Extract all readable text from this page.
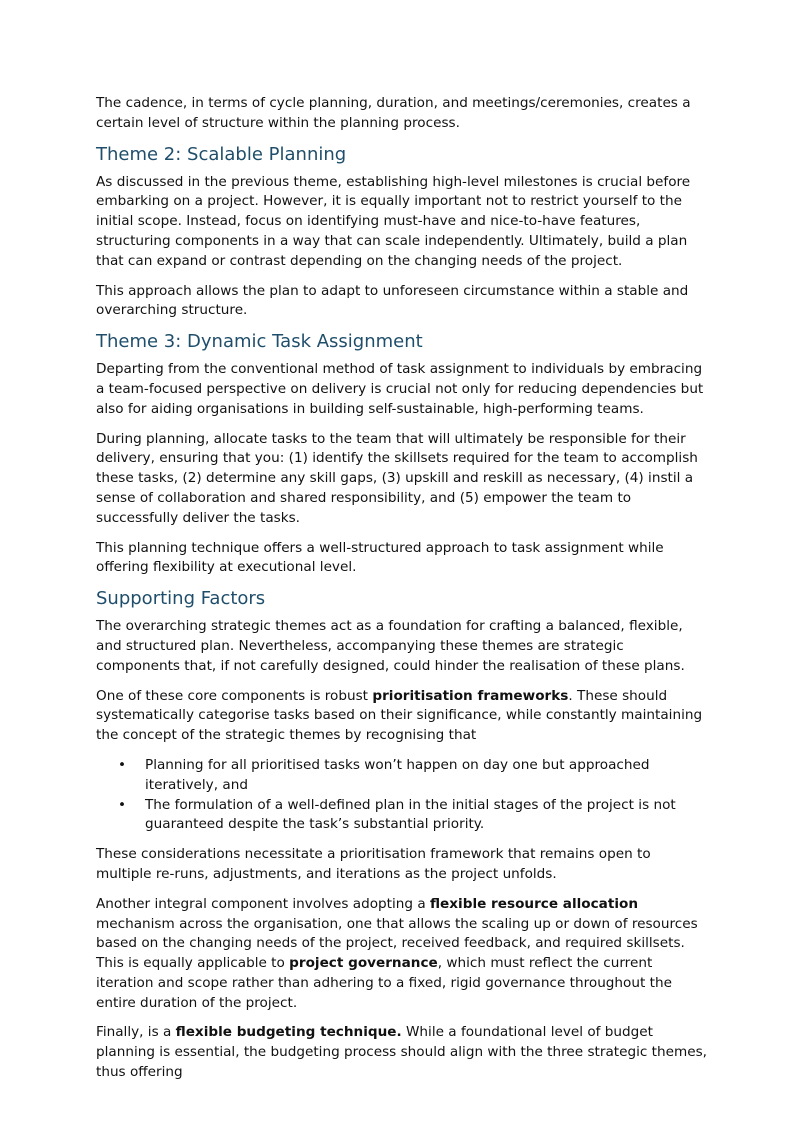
The cadence, in terms of cycle planning, duration, and meetings/ceremonies, creates a certain level of structure within the planning process.

Theme 2: Scalable Planning

As discussed in the previous theme, establishing high-level milestones is crucial before embarking on a project. However, it is equally important not to restrict yourself to the initial scope. Instead, focus on identifying must-have and nice-to-have features, structuring components in a way that can scale independently. Ultimately, build a plan that can expand or contrast depending on the changing needs of the project.

This approach allows the plan to adapt to unforeseen circumstance within a stable and overarching structure.

Theme 3: Dynamic Task Assignment

Departing from the conventional method of task assignment to individuals by embracing a team-focused perspective on delivery is crucial not only for reducing dependencies but also for aiding organisations in building self-sustainable, high-performing teams.

During planning, allocate tasks to the team that will ultimately be responsible for their delivery, ensuring that you: (1) identify the skillsets required for the team to accomplish these tasks, (2) determine any skill gaps, (3) upskill and reskill as necessary, (4) instil a sense of collaboration and shared responsibility, and (5) empower the team to successfully deliver the tasks.

This planning technique offers a well-structured approach to task assignment while offering flexibility at executional level.

Supporting Factors

The overarching strategic themes act as a foundation for crafting a balanced, flexible, and structured plan. Nevertheless, accompanying these themes are strategic components that, if not carefully designed, could hinder the realisation of these plans.

One of these core components is robust prioritisation frameworks. These should systematically categorise tasks based on their significance, while constantly maintaining the concept of the strategic themes by recognising that

• Planning for all prioritised tasks won’t happen on day one but approached iteratively, and
• The formulation of a well-defined plan in the initial stages of the project is not guaranteed despite the task’s substantial priority.

These considerations necessitate a prioritisation framework that remains open to multiple re-runs, adjustments, and iterations as the project unfolds.

Another integral component involves adopting a flexible resource allocation mechanism across the organisation, one that allows the scaling up or down of resources based on the changing needs of the project, received feedback, and required skillsets. This is equally applicable to project governance, which must reflect the current iteration and scope rather than adhering to a fixed, rigid governance throughout the entire duration of the project.

Finally, is a flexible budgeting technique. While a foundational level of budget planning is essential, the budgeting process should align with the three strategic themes, thus offering
